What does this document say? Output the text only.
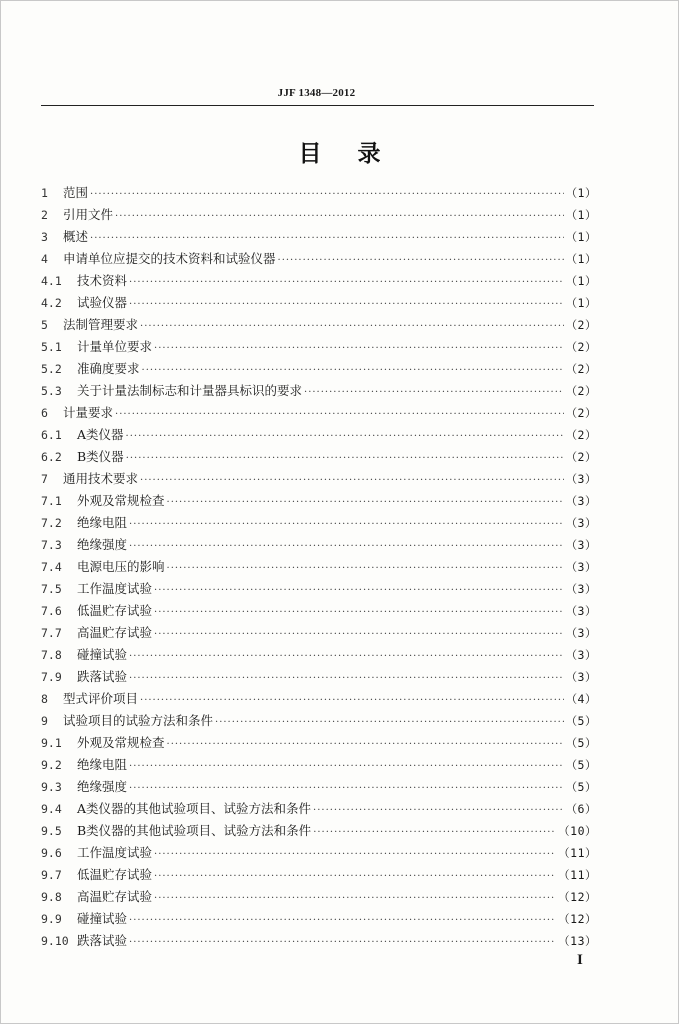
JJF 1348—2012
目录
1	范围 ·····	（1）
2	引用文件 ·····	（1）
3	概述 ·····	（1）
4	申请单位应提交的技术资料和试验仪器 ·····	（1）
4.1	技术资料 ·····	（1）
4.2	试验仪器 ·····	（1）
5	法制管理要求 ·····	（2）
5.1	计量单位要求 ·····	（2）
5.2	准确度要求 ·····	（2）
5.3	关于计量法制标志和计量器具标识的要求 ·····	（2）
6	计量要求 ·····	（2）
6.1	A类仪器 ·····	（2）
6.2	B类仪器 ·····	（2）
7	通用技术要求 ·····	（3）
7.1	外观及常规检查 ·····	（3）
7.2	绝缘电阻 ·····	（3）
7.3	绝缘强度 ·····	（3）
7.4	电源电压的影响 ·····	（3）
7.5	工作温度试验 ·····	（3）
7.6	低温贮存试验 ·····	（3）
7.7	高温贮存试验 ·····	（3）
7.8	碰撞试验 ·····	（3）
7.9	跌落试验 ·····	（3）
8	型式评价项目 ·····	（4）
9	试验项目的试验方法和条件 ·····	（5）
9.1	外观及常规检查 ·····	（5）
9.2	绝缘电阻 ·····	（5）
9.3	绝缘强度 ·····	（5）
9.4	A类仪器的其他试验项目、试验方法和条件 ·····	（6）
9.5	B类仪器的其他试验项目、试验方法和条件 ·····	（10）
9.6	工作温度试验 ·····	（11）
9.7	低温贮存试验 ·····	（11）
9.8	高温贮存试验 ·····	（12）
9.9	碰撞试验 ·····	（12）
9.10 跌落试验 ·····	（13）
I
